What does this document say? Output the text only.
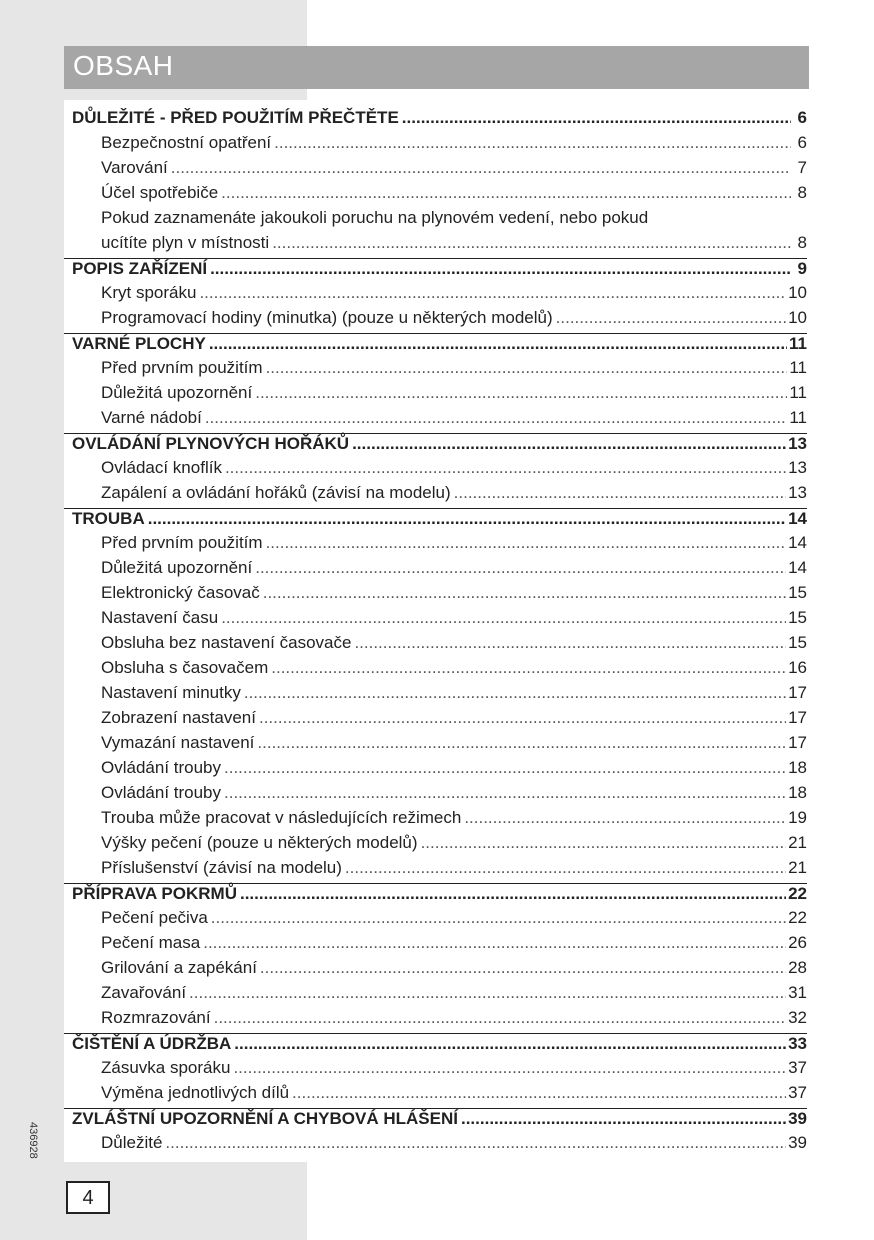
OBSAH
DŮLEŽITÉ - PŘED POUŽITÍM PŘEČTĚTE .....	6
Bezpečnostní opatření .....	6
Varování .....	7
Účel spotřebiče .....	8
Pokud zaznamenáte jakoukoli poruchu na plynovém vedení, nebo pokud
ucítíte plyn v místnosti .....	8
POPIS ZAŘÍZENÍ .....	9
Kryt sporáku .....	10
Programovací hodiny (minutka) (pouze u některých modelů) .....	10
VARNÉ PLOCHY .....	11
Před prvním použitím .....	11
Důležitá upozornění .....	11
Varné nádobí .....	11
OVLÁDÁNÍ PLYNOVÝCH HOŘÁKŮ .....	13
Ovládací knoflík .....	13
Zapálení a ovládání hořáků (závisí na modelu) .....	13
TROUBA .....	14
Před prvním použitím .....	14
Důležitá upozornění .....	14
Elektronický časovač .....	15
Nastavení času .....	15
Obsluha bez nastavení časovače .....	15
Obsluha s časovačem .....	16
Nastavení minutky .....	17
Zobrazení nastavení .....	17
Vymazání nastavení .....	17
Ovládání trouby .....	18
Ovládání trouby .....	18
Trouba může pracovat v následujících režimech .....	19
Výšky pečení (pouze u některých modelů) .....	21
Příslušenství (závisí na modelu) .....	21
PŘÍPRAVA POKRMŮ .....	22
Pečení pečiva .....	22
Pečení masa .....	26
Grilování a zapékání .....	28
Zavařování .....	31
Rozmrazování .....	32
ČIŠTĚNÍ A ÚDRŽBA .....	33
Zásuvka sporáku .....	37
Výměna jednotlivých dílů .....	37
ZVLÁŠTNÍ UPOZORNĚNÍ A CHYBOVÁ HLÁŠENÍ .....	39
Důležité .....	39
436928
4
